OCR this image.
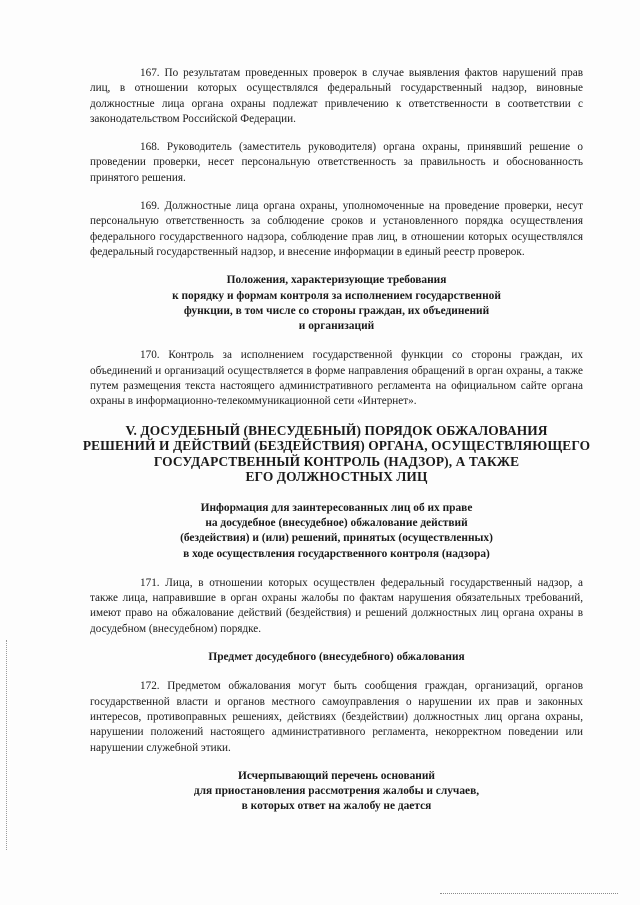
167. По результатам проведенных проверок в случае выявления фактов нарушений прав лиц, в отношении которых осуществлялся федеральный государственный надзор, виновные должностные лица органа охраны подлежат привлечению к ответственности в соответствии с законодательством Российской Федерации.

168. Руководитель (заместитель руководителя) органа охраны, принявший решение о проведении проверки, несет персональную ответственность за правильность и обоснованность принятого решения.

169. Должностные лица органа охраны, уполномоченные на проведение проверки, несут персональную ответственность за соблюдение сроков и установленного порядка осуществления федерального государственного надзора, соблюдение прав лиц, в отношении которых осуществлялся федеральный государственный надзор, и внесение информации в единый реестр проверок.

Положения, характеризующие требования
к порядку и формам контроля за исполнением государственной
функции, в том числе со стороны граждан, их объединений
и организаций

170. Контроль за исполнением государственной функции со стороны граждан, их объединений и организаций осуществляется в форме направления обращений в орган охраны, а также путем размещения текста настоящего административного регламента на официальном сайте органа охраны в информационно-телекоммуникационной сети «Интернет».

V. ДОСУДЕБНЫЙ (ВНЕСУДЕБНЫЙ) ПОРЯДОК ОБЖАЛОВАНИЯ
РЕШЕНИЙ И ДЕЙСТВИЙ (БЕЗДЕЙСТВИЯ) ОРГАНА, ОСУЩЕСТВЛЯЮЩЕГО
ГОСУДАРСТВЕННЫЙ КОНТРОЛЬ (НАДЗОР), А ТАКЖЕ
ЕГО ДОЛЖНОСТНЫХ ЛИЦ
Информация для заинтересованных лиц об их праве
на досудебное (внесудебное) обжалование действий
(бездействия) и (или) решений, принятых (осуществленных)
в ходе осуществления государственного контроля (надзора)

171. Лица, в отношении которых осуществлен федеральный государственный надзор, а также лица, направившие в орган охраны жалобы по фактам нарушения обязательных требований, имеют право на обжалование действий (бездействия) и решений должностных лиц органа охраны в досудебном (внесудебном) порядке.

Предмет досудебного (внесудебного) обжалования

172. Предметом обжалования могут быть сообщения граждан, организаций, органов государственной власти и органов местного самоуправления о нарушении их прав и законных интересов, противоправных решениях, действиях (бездействии) должностных лиц органа охраны, нарушении положений настоящего административного регламента, некорректном поведении или нарушении служебной этики.

Исчерпывающий перечень оснований
для приостановления рассмотрения жалобы и случаев,
в которых ответ на жалобу не дается
